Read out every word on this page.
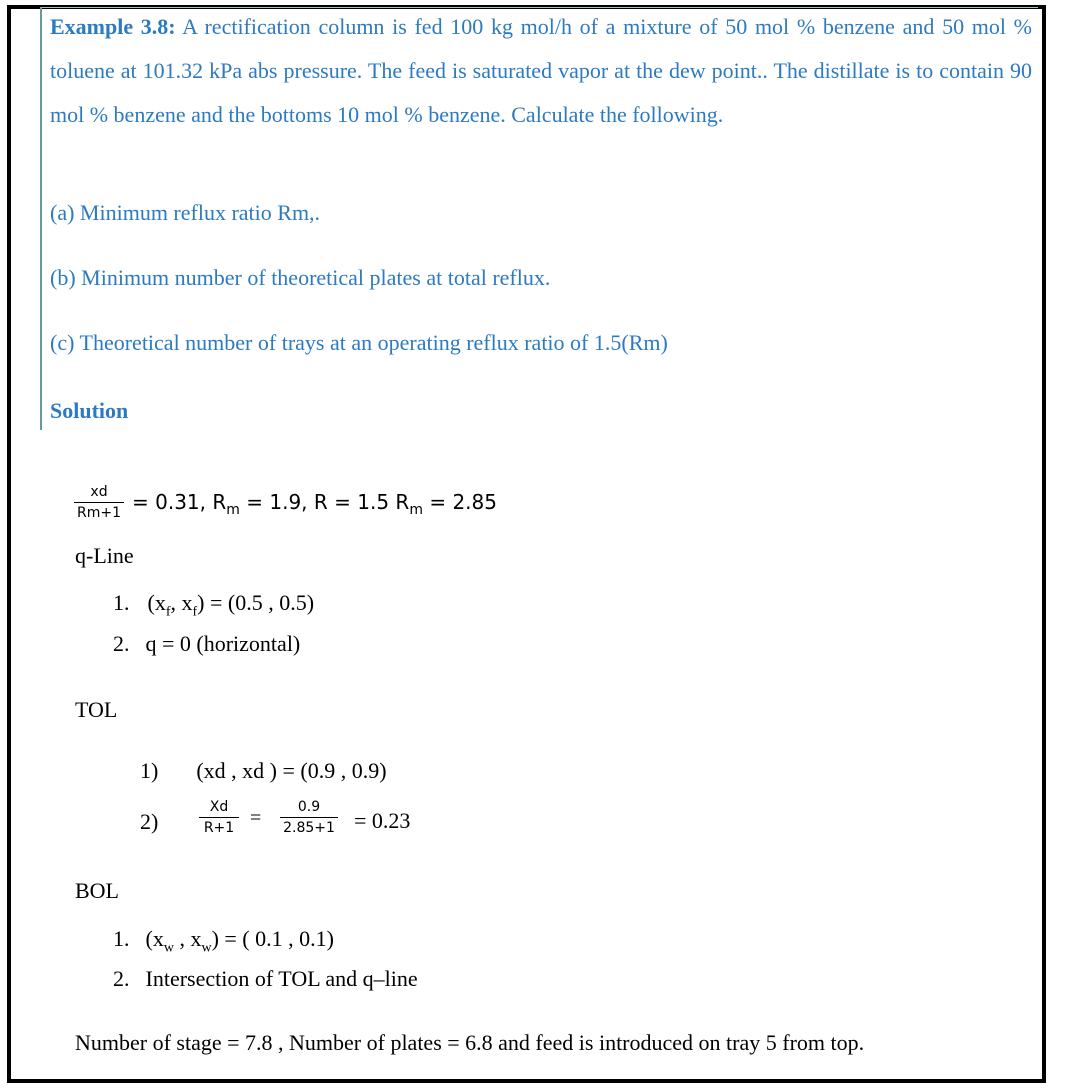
Example 3.8: A rectification column is fed 100 kg mol/h of a mixture of 50 mol % benzene and 50 mol % toluene at 101.32 kPa abs pressure. The feed is saturated vapor at the dew point.. The distillate is to contain 90 mol % benzene and the bottoms 10 mol % benzene. Calculate the following.
(a) Minimum reflux ratio Rm,.
(b) Minimum number of theoretical plates at total reflux.
(c) Theoretical number of trays at an operating reflux ratio of 1.5(Rm)
Solution
xd
Rm+1 = 0.31, $R_m = 1.9$, R = 1.5 $R_m = 2.85$
q-Line
1. ($x_f$, $x_f) = (0.5$ , 0.5)
2. q = 0 (horizontal)
TOL
1) (xd , xd ) = (0.9 , 0.9)
2)
Xd
R+1 =	0.9
2.85+1 = 0.23
BOL
1. ($x_w$ , $x_w$) = ( 0.1 , 0.1)
2. Intersection of TOL and q–line
Number of stage = 7.8 , Number of plates = 6.8 and feed is introduced on tray 5 from top.
